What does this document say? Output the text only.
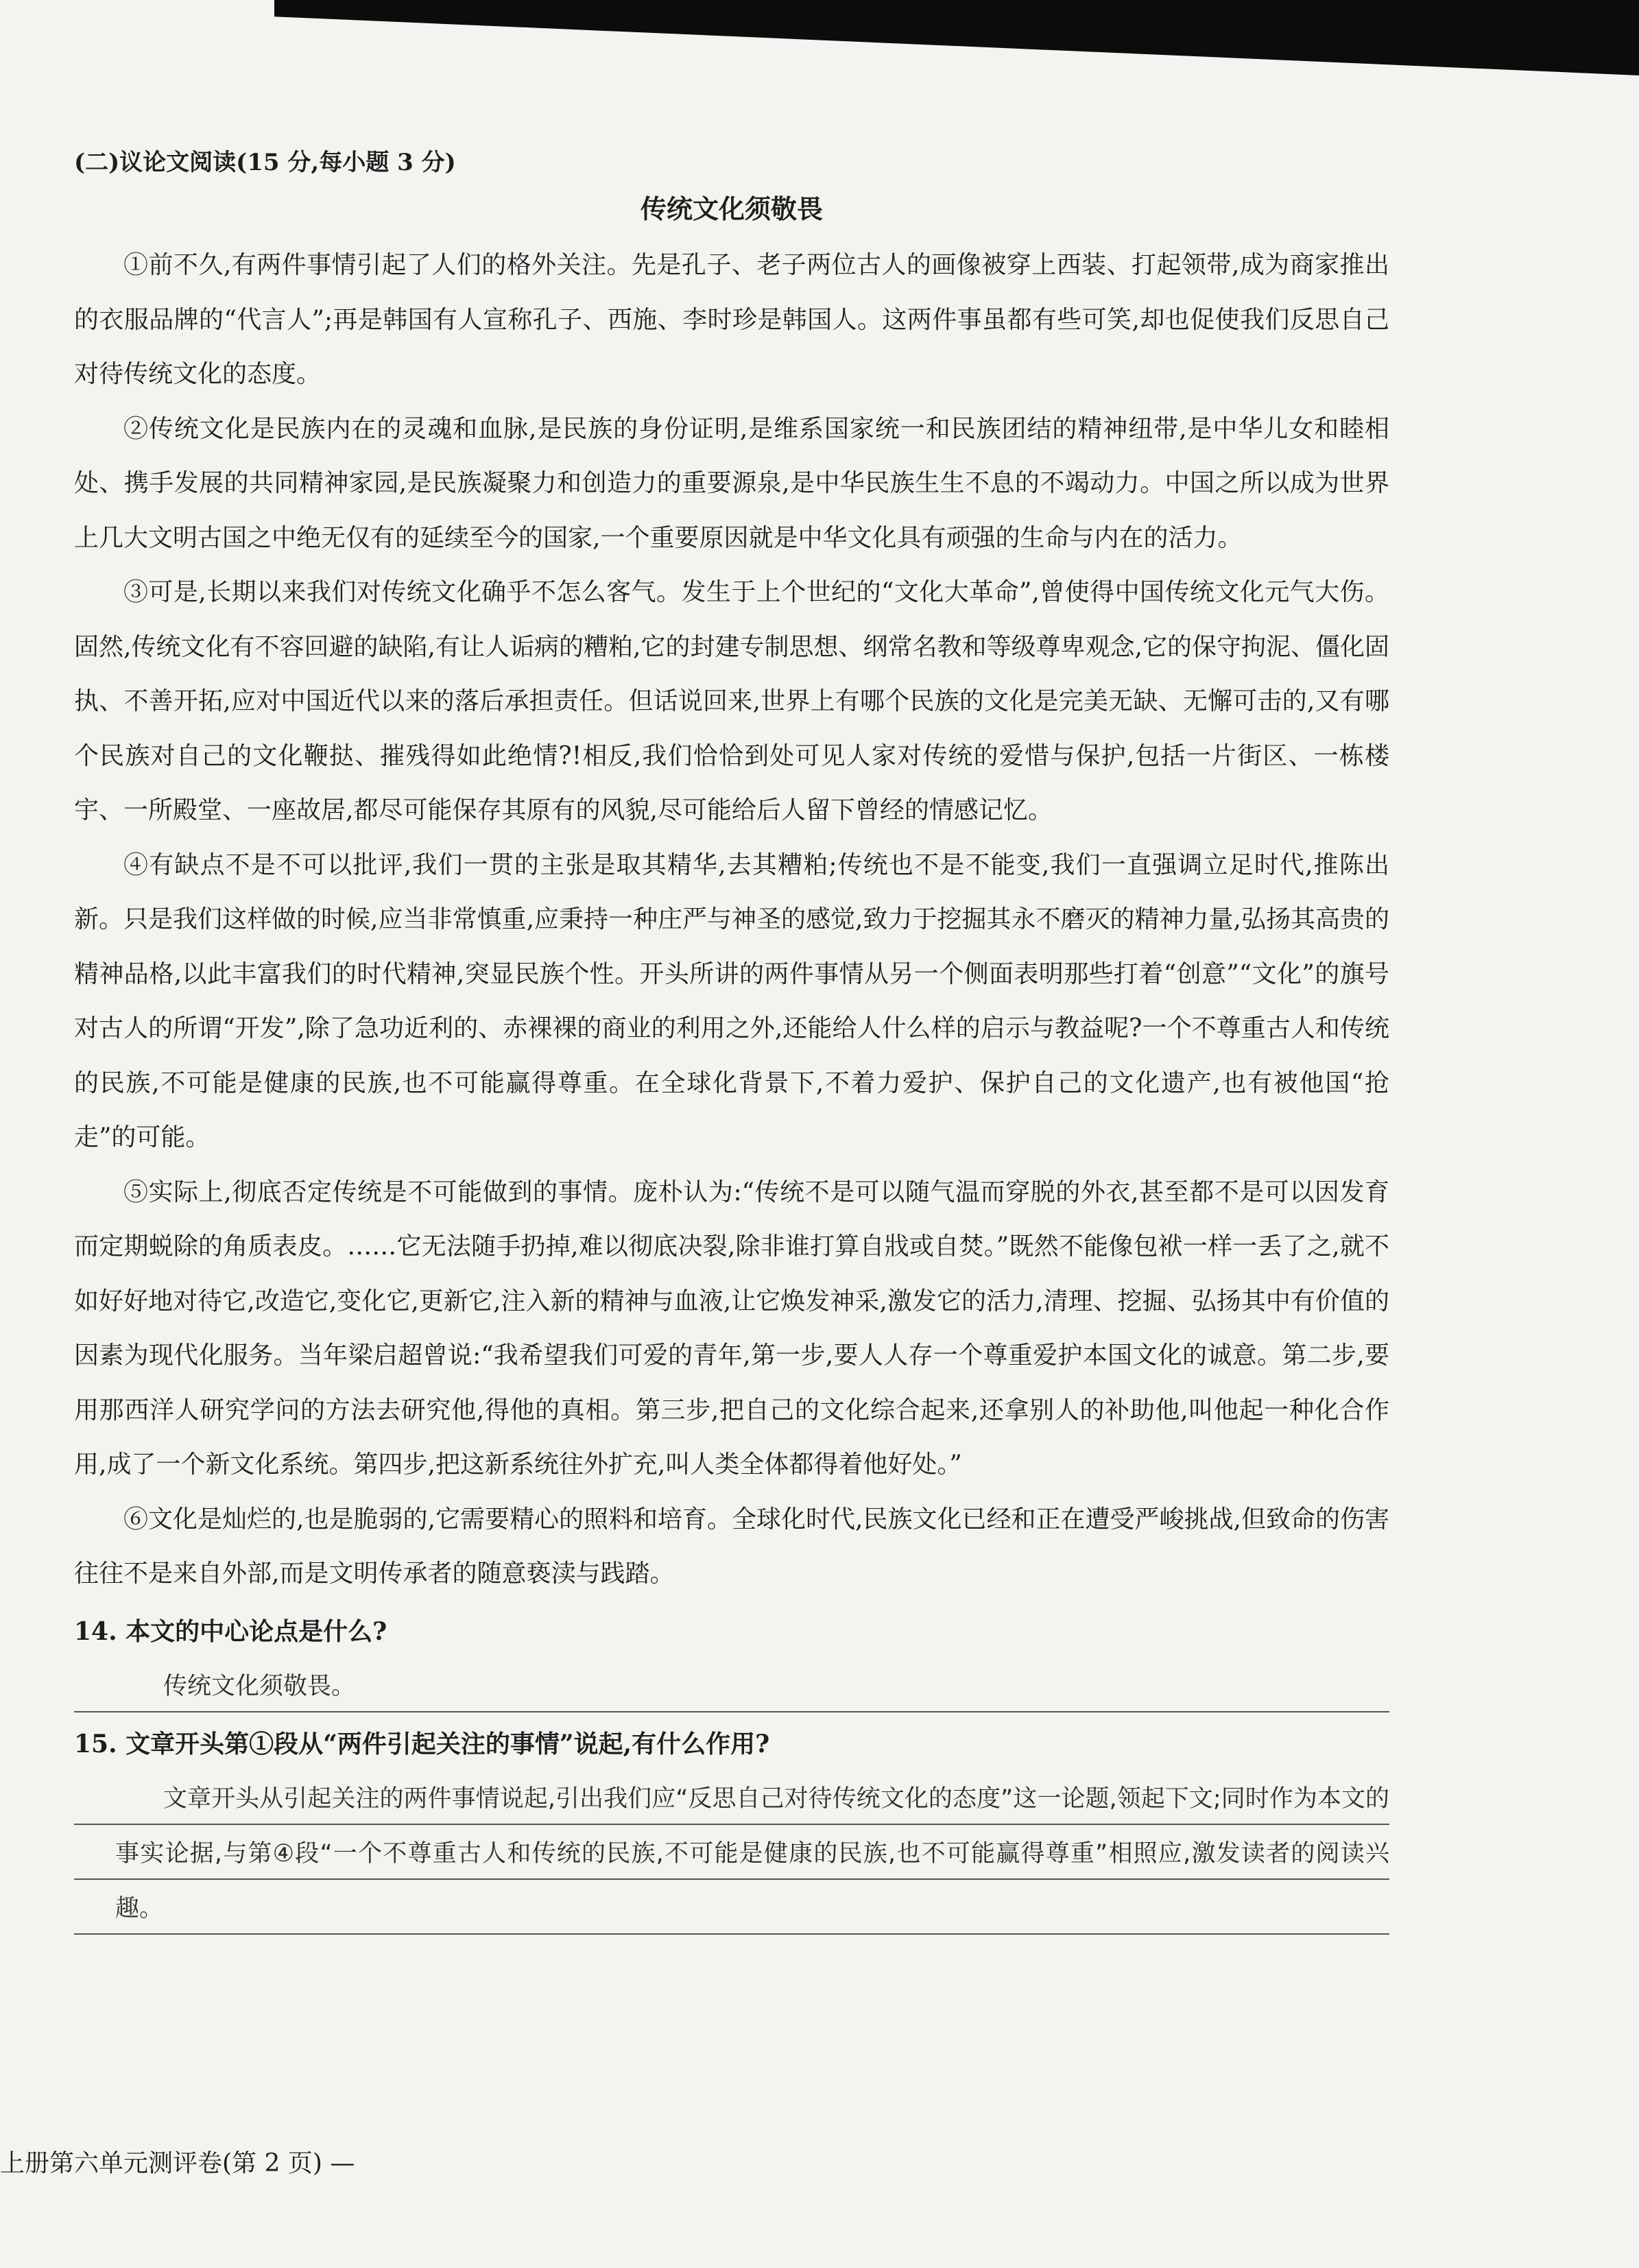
(二)议论文阅读(15 分,每小题 3 分)
传统文化须敬畏

①前不久,有两件事情引起了人们的格外关注。先是孔子、老子两位古人的画像被穿上西装、打起领带,成为商家推出的衣服品牌的“代言人”;再是韩国有人宣称孔子、西施、李时珍是韩国人。这两件事虽都有些可笑,却也促使我们反思自己对待传统文化的态度。

②传统文化是民族内在的灵魂和血脉,是民族的身份证明,是维系国家统一和民族团结的精神纽带,是中华儿女和睦相处、携手发展的共同精神家园,是民族凝聚力和创造力的重要源泉,是中华民族生生不息的不竭动力。中国之所以成为世界上几大文明古国之中绝无仅有的延续至今的国家,一个重要原因就是中华文化具有顽强的生命与内在的活力。

③可是,长期以来我们对传统文化确乎不怎么客气。发生于上个世纪的“文化大革命”,曾使得中国传统文化元气大伤。固然,传统文化有不容回避的缺陷,有让人诟病的糟粕,它的封建专制思想、纲常名教和等级尊卑观念,它的保守拘泥、僵化固执、不善开拓,应对中国近代以来的落后承担责任。但话说回来,世界上有哪个民族的文化是完美无缺、无懈可击的,又有哪个民族对自己的文化鞭挞、摧残得如此绝情?!相反,我们恰恰到处可见人家对传统的爱惜与保护,包括一片街区、一栋楼宇、一所殿堂、一座故居,都尽可能保存其原有的风貌,尽可能给后人留下曾经的情感记忆。

④有缺点不是不可以批评,我们一贯的主张是取其精华,去其糟粕;传统也不是不能变,我们一直强调立足时代,推陈出新。只是我们这样做的时候,应当非常慎重,应秉持一种庄严与神圣的感觉,致力于挖掘其永不磨灭的精神力量,弘扬其高贵的精神品格,以此丰富我们的时代精神,突显民族个性。开头所讲的两件事情从另一个侧面表明那些打着“创意”“文化”的旗号对古人的所谓“开发”,除了急功近利的、赤裸裸的商业的利用之外,还能给人什么样的启示与教益呢?一个不尊重古人和传统的民族,不可能是健康的民族,也不可能赢得尊重。在全球化背景下,不着力爱护、保护自己的文化遗产,也有被他国“抢走”的可能。

⑤实际上,彻底否定传统是不可能做到的事情。庞朴认为:“传统不是可以随气温而穿脱的外衣,甚至都不是可以因发育而定期蜕除的角质表皮。……它无法随手扔掉,难以彻底决裂,除非谁打算自戕或自焚。”既然不能像包袱一样一丢了之,就不如好好地对待它,改造它,变化它,更新它,注入新的精神与血液,让它焕发神采,激发它的活力,清理、挖掘、弘扬其中有价值的因素为现代化服务。当年梁启超曾说:“我希望我们可爱的青年,第一步,要人人存一个尊重爱护本国文化的诚意。第二步,要用那西洋人研究学问的方法去研究他,得他的真相。第三步,把自己的文化综合起来,还拿别人的补助他,叫他起一种化合作用,成了一个新文化系统。第四步,把这新系统往外扩充,叫人类全体都得着他好处。”

⑥文化是灿烂的,也是脆弱的,它需要精心的照料和培育。全球化时代,民族文化已经和正在遭受严峻挑战,但致命的伤害往往不是来自外部,而是文明传承者的随意亵渎与践踏。

14. 本文的中心论点是什么?

传统文化须敬畏。

15. 文章开头第①段从“两件引起关注的事情”说起,有什么作用?

文章开头从引起关注的两件事情说起,引出我们应“反思自己对待传统文化的态度”这一论题,领起下文;同时作为本文的事实论据,与第④段“一个不尊重古人和传统的民族,不可能是健康的民族,也不可能赢得尊重”相照应,激发读者的阅读兴趣。

上册第六单元测评卷(第 2 页) —
